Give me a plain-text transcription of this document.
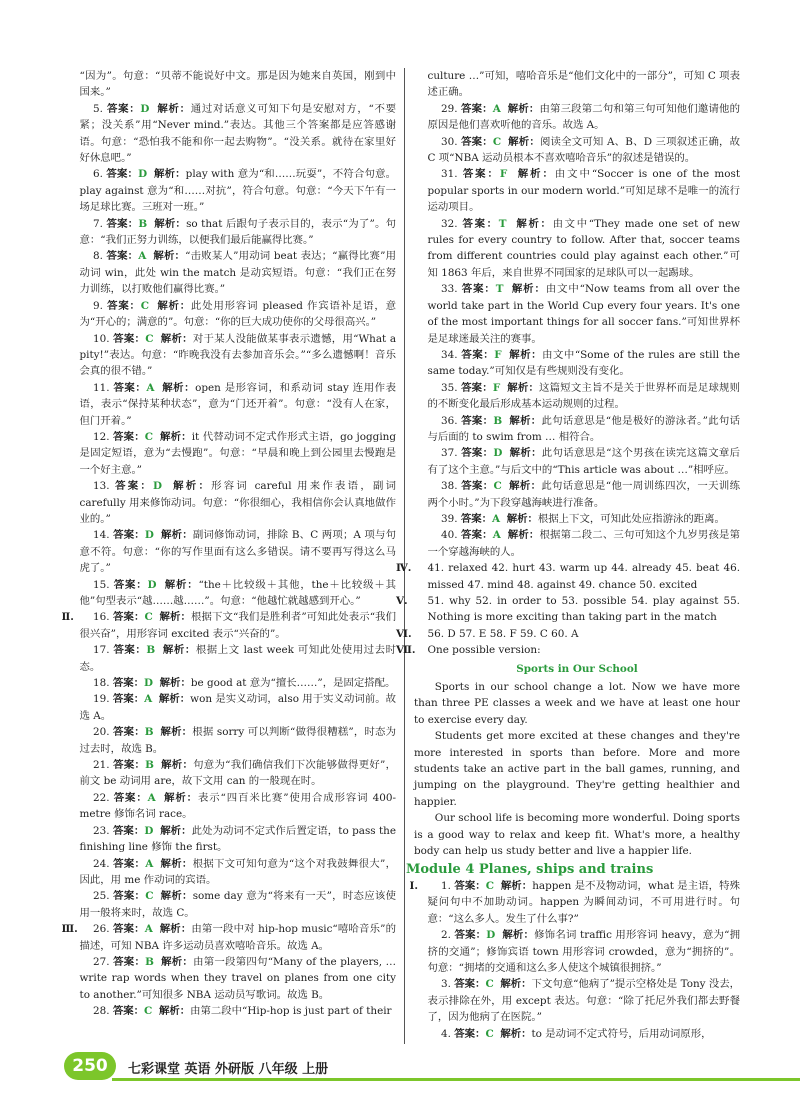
“因为”。句意：“贝蒂不能说好中文。那是因为她来自英国，刚到中国来。”
5. 答案：D 解析：通过对话意义可知下句是安慰对方，“不要紧；没关系”用“Never mind.”表达。其他三个答案都是应答感谢语。句意：“恐怕我不能和你一起去购物”。“没关系。就待在家里好好休息吧。”
6. 答案：D 解析：play with 意为“和……玩耍”，不符合句意。play against 意为“和……对抗”，符合句意。句意：“今天下午有一场足球比赛。三班对一班。”
7. 答案：B 解析：so that 后跟句子表示目的，表示“为了”。句意：“我们正努力训练，以便我们最后能赢得比赛。”
8. 答案：A 解析：“击败某人”用动词 beat 表达；“赢得比赛”用动词 win，此处 win the match 是动宾短语。句意：“我们正在努力训练，以打败他们赢得比赛。”
9. 答案：C 解析：此处用形容词 pleased 作宾语补足语，意为“开心的；满意的”。句意：“你的巨大成功使你的父母很高兴。”
10. 答案：C 解析：对于某人没能做某事表示遗憾，用“What a pity!”表达。句意：“昨晚我没有去参加音乐会。”“多么遗憾啊！音乐会真的很不错。”
11. 答案：A 解析：open 是形容词，和系动词 stay 连用作表语，表示“保持某种状态”，意为“门还开着”。句意：“没有人在家，但门开着。”
12. 答案：C 解析：it 代替动词不定式作形式主语，go jogging 是固定短语，意为“去慢跑”。句意：“早晨和晚上到公园里去慢跑是一个好主意。”
13. 答案：D 解析：形容词 careful 用来作表语，副词 carefully 用来修饰动词。句意：“你很细心，我相信你会认真地做作业的。”
14. 答案：D 解析：副词修饰动词，排除 B、C 两项；A 项与句意不符。句意：“你的写作里面有这么多错误。请不要再写得这么马虎了。”
15. 答案：D 解析：“the＋比较级＋其他，the＋比较级＋其他”句型表示“越……越……”。句意：“他越忙就越感到开心。”
Ⅱ. 16. 答案：C 解析：根据下文“我们是胜利者”可知此处表示“我们很兴奋”，用形容词 excited 表示“兴奋的”。
17. 答案：B 解析：根据上文 last week 可知此处使用过去时态。
18. 答案：D 解析：be good at 意为“擅长……”，是固定搭配。
19. 答案：A 解析：won 是实义动词，also 用于实义动词前。故选 A。
20. 答案：B 解析：根据 sorry 可以判断“做得很糟糕”，时态为过去时，故选 B。
21. 答案：B 解析：句意为“我们确信我们下次能够做得更好”，前文 be 动词用 are，故下文用 can 的一般现在时。
22. 答案：A 解析：表示“四百米比赛”使用合成形容词 400-metre 修饰名词 race。
23. 答案：D 解析：此处为动词不定式作后置定语，to pass the finishing line 修饰 the first。
24. 答案：A 解析：根据下文可知句意为“这个对我鼓舞很大”，因此，用 me 作动词的宾语。
25. 答案：C 解析：some day 意为“将来有一天”，时态应该使用一般将来时，故选 C。
Ⅲ. 26. 答案：A 解析：由第一段中对 hip-hop music“嘻哈音乐”的描述，可知 NBA 许多运动员喜欢嘻哈音乐。故选 A。
27. 答案：B 解析：由第一段第四句“Many of the players, … write rap words when they travel on planes from one city to another.”可知很多 NBA 运动员写歌词。故选 B。
28. 答案：C 解析：由第二段中“Hip-hop is just part of their
culture …”可知，嘻哈音乐是“他们文化中的一部分”，可知 C 项表述正确。
29. 答案：A 解析：由第三段第二句和第三句可知他们邀请他的原因是他们喜欢听他的音乐。故选 A。
30. 答案：C 解析：阅读全文可知 A、B、D 三项叙述正确，故 C 项“NBA 运动员根本不喜欢嘻哈音乐”的叙述是错误的。
31. 答案：F 解析：由文中“Soccer is one of the most popular sports in our modern world.”可知足球不是唯一的流行运动项目。
32. 答案：T 解析：由文中“They made one set of new rules for every country to follow. After that, soccer teams from different countries could play against each other.”可知 1863 年后，来自世界不同国家的足球队可以一起踢球。
33. 答案：T 解析：由文中“Now teams from all over the world take part in the World Cup every four years. It's one of the most important things for all soccer fans.”可知世界杯是足球迷最关注的赛事。
34. 答案：F 解析：由文中“Some of the rules are still the same today.”可知仅是有些规则没有变化。
35. 答案：F 解析：这篇短文主旨不是关于世界杯而是足球规则的不断变化最后形成基本运动规则的过程。
36. 答案：B 解析：此句话意思是“他是极好的游泳者。”此句话与后面的 to swim from … 相符合。
37. 答案：D 解析：此句话意思是“这个男孩在读完这篇文章后有了这个主意。”与后文中的“This article was about …”相呼应。
38. 答案：C 解析：此句话意思是“他一周训练四次，一天训练两个小时。”为下段穿越海峡进行准备。
39. 答案：A 解析：根据上下文，可知此处应指游泳的距离。
40. 答案：A 解析：根据第二段二、三句可知这个九岁男孩是第一个穿越海峡的人。
Ⅳ. 41. relaxed 42. hurt 43. warm up 44. already 45. beat 46. missed 47. mind 48. against 49. chance 50. excited
Ⅴ. 51. why 52. in order to 53. possible 54. play against 55. Nothing is more exciting than taking part in the match
Ⅵ. 56. D 57. E 58. F 59. C 60. A
Ⅶ. One possible version:
Sports in Our School
Sports in our school change a lot. Now we have more than three PE classes a week and we have at least one hour to exercise every day.
Students get more excited at these changes and they're more interested in sports than before. More and more students take an active part in the ball games, running, and jumping on the playground. They're getting healthier and happier.
Our school life is becoming more wonderful. Doing sports is a good way to relax and keep fit. What's more, a healthy body can help us study better and live a happier life.
Module 4 Planes, ships and trains
Ⅰ. 1. 答案：C 解析：happen 是不及物动词，what 是主语，特殊疑问句中不加助动词。happen 为瞬间动词，不可用进行时。句意：“这么多人。发生了什么事?”
2. 答案：D 解析：修饰名词 traffic 用形容词 heavy，意为“拥挤的交通”；修饰宾语 town 用形容词 crowded，意为“拥挤的”。句意：“拥堵的交通和这么多人使这个城镇很拥挤。”
3. 答案：C 解析：下文句意“他病了”提示空格处是 Tony 没去，表示排除在外，用 except 表达。句意：“除了托尼外我们都去野餐了，因为他病了在医院。”
4. 答案：C 解析：to 是动词不定式符号，后用动词原形，
250	七彩课堂 英语 外研版 八年级 上册
